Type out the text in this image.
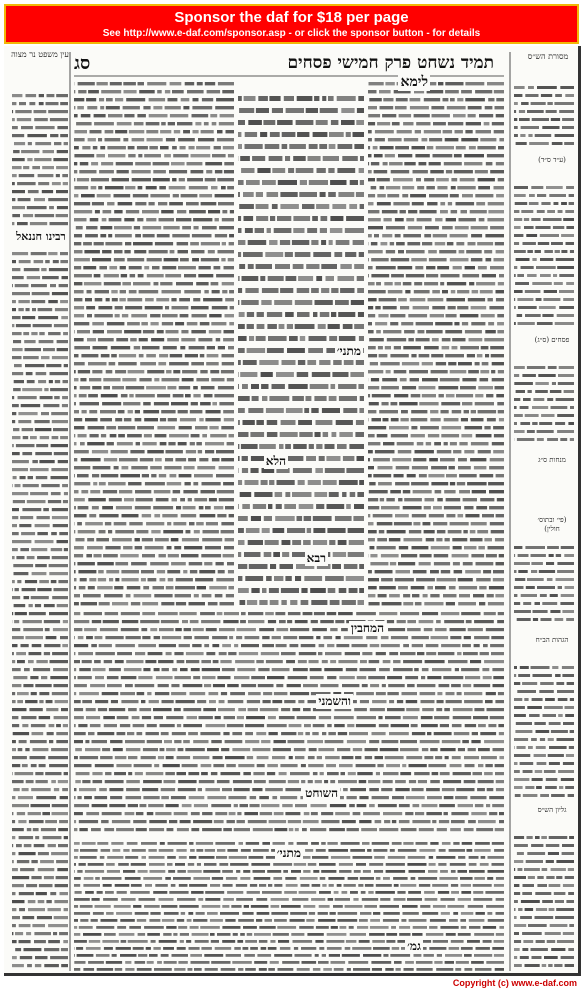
Sponsor the daf for $18 per page
See http://www.e-daf.com/sponsor.asp - or click the sponsor button - for details
עין משפט נר מצוה	מסורת הש״ס
תמיד נשחט פרק חמישי פסחים
סג
רבינו חננאל
לימא
מתני׳
הלא
רבא
המחבין
והשמני
השוחט
מתני׳
גמ׳
(ע״ד ס״ד)
פסחים (ס״ג)
מנחות ס״ג
(פי׳ ובתוס׳ חולין)
הגהות הב״ח
גליון הש״ס
Copyright (c) www.e-daf.com
